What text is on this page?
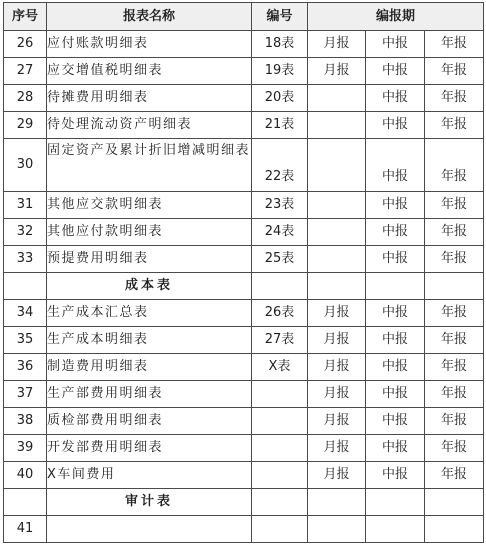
序号	报表名称	编号	编报期		
26	应付账款明细表	18表	月报	中报	年报
27	应交增值税明细表	19表	月报	中报	年报
28	待摊费用明细表	20表		中报	年报
29	待处理流动资产明细表	21表		中报	年报
30	固定资产及累计折旧增减明细表	22表		中报	年报
31	其他应交款明细表	23表		中报	年报
32	其他应付款明细表	24表		中报	年报
33	预提费用明细表	25表		中报	年报
	成本表				
34	生产成本汇总表	26表	月报	中报	年报
35	生产成本明细表	27表	月报	中报	年报
36	制造费用明细表	X表	月报	中报	年报
37	生产部费用明细表		月报	中报	年报
38	质检部费用明细表		月报	中报	年报
39	开发部费用明细表		月报	中报	年报
40	X车间费用		月报	中报	年报
	审计表				
41					
